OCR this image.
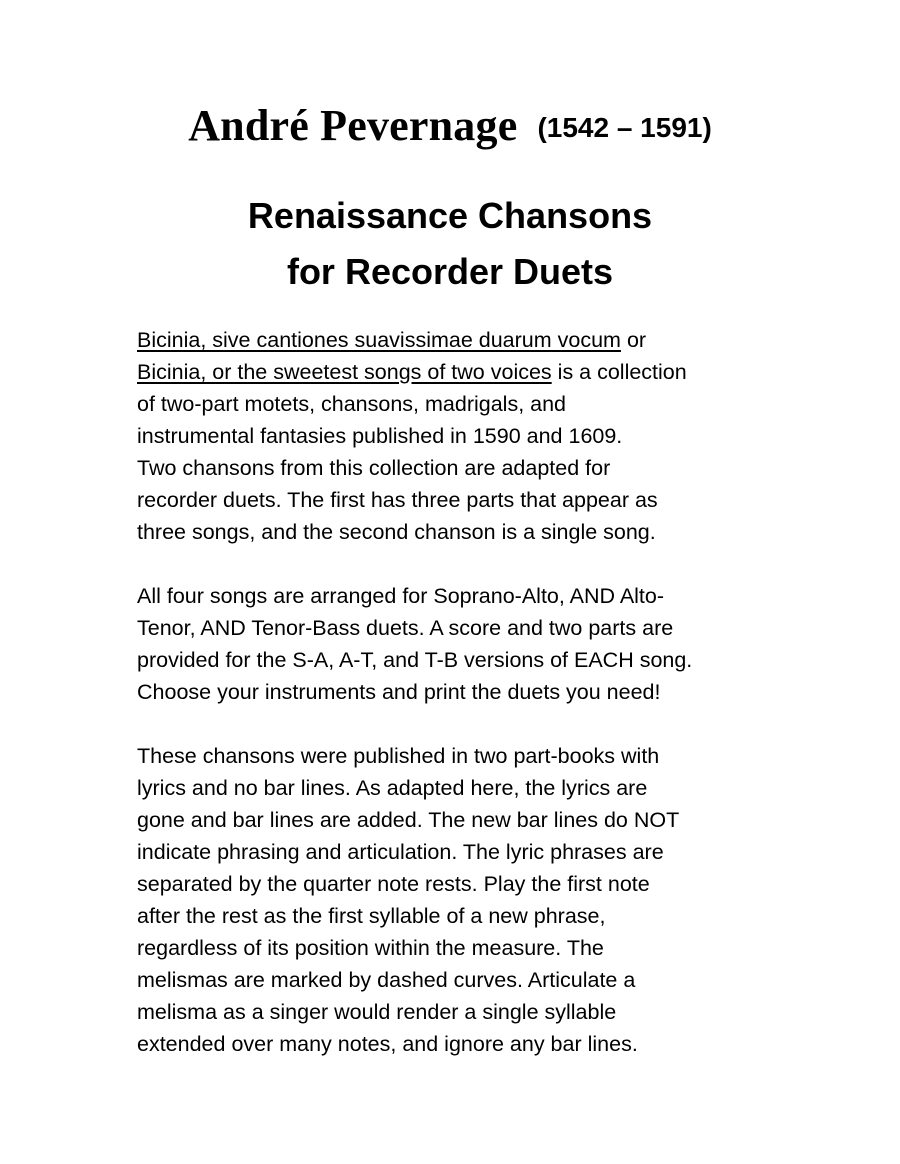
André Pevernage (1542 – 1591)
Renaissance Chansons
for Recorder Duets
Bicinia, sive cantiones suavissimae duarum vocum or
Bicinia, or the sweetest songs of two voices is a collection
of two-part motets, chansons, madrigals, and
instrumental fantasies published in 1590 and 1609.
Two chansons from this collection are adapted for
recorder duets. The first has three parts that appear as
three songs, and the second chanson is a single song.
All four songs are arranged for Soprano-Alto, AND Alto-
Tenor, AND Tenor-Bass duets. A score and two parts are
provided for the S-A, A-T, and T-B versions of EACH song.
Choose your instruments and print the duets you need!
These chansons were published in two part-books with
lyrics and no bar lines. As adapted here, the lyrics are
gone and bar lines are added. The new bar lines do NOT
indicate phrasing and articulation. The lyric phrases are
separated by the quarter note rests. Play the first note
after the rest as the first syllable of a new phrase,
regardless of its position within the measure. The
melismas are marked by dashed curves. Articulate a
melisma as a singer would render a single syllable
extended over many notes, and ignore any bar lines.
